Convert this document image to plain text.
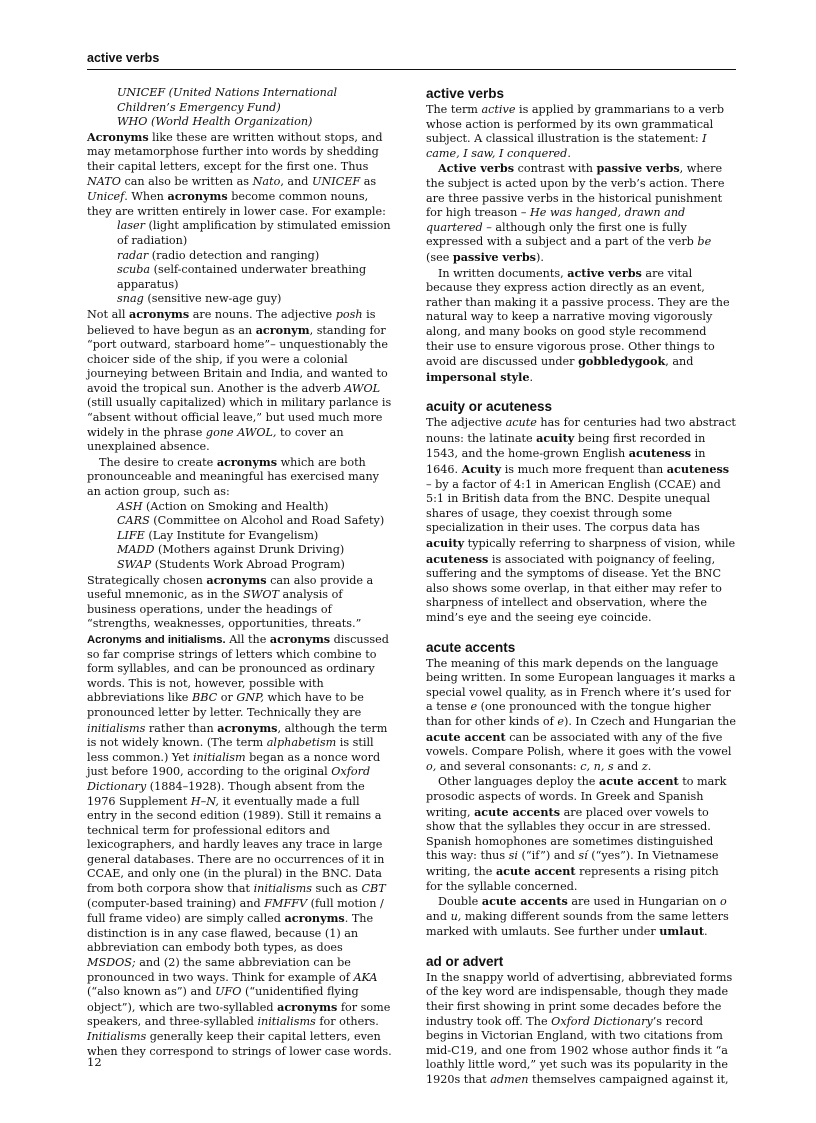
active verbs
UNICEF (United Nations International Children’s Emergency Fund)
WHO (World Health Organization)

Acronyms like these are written without stops, and may metamorphose further into words by shedding their capital letters, except for the first one. Thus NATO can also be written as Nato, and UNICEF as Unicef. When acronyms become common nouns, they are written entirely in lower case. For example:

laser (light amplification by stimulated emission of radiation)
radar (radio detection and ranging)
scuba (self-contained underwater breathing apparatus)
snag (sensitive new-age guy)

Not all acronyms are nouns. The adjective posh is believed to have begun as an acronym, standing for “port outward, starboard home”– unquestionably the choicer side of the ship, if you were a colonial journeying between Britain and India, and wanted to avoid the tropical sun. Another is the adverb AWOL (still usually capitalized) which in military parlance is “absent without official leave,” but used much more widely in the phrase gone AWOL, to cover an unexplained absence.

The desire to create acronyms which are both pronounceable and meaningful has exercised many an action group, such as:

ASH (Action on Smoking and Health)
CARS (Committee on Alcohol and Road Safety)
LIFE (Lay Institute for Evangelism)
MADD (Mothers against Drunk Driving)
SWAP (Students Work Abroad Program)

Strategically chosen acronyms can also provide a useful mnemonic, as in the SWOT analysis of business operations, under the headings of “strengths, weaknesses, opportunities, threats.”

Acronyms and initialisms. All the acronyms discussed so far comprise strings of letters which combine to form syllables, and can be pronounced as ordinary words. This is not, however, possible with abbreviations like BBC or GNP, which have to be pronounced letter by letter. Technically they are initialisms rather than acronyms, although the term is not widely known. (The term alphabetism is still less common.) Yet initialism began as a nonce word just before 1900, according to the original Oxford Dictionary (1884–1928). Though absent from the 1976 Supplement H–N, it eventually made a full entry in the second edition (1989). Still it remains a technical term for professional editors and lexicographers, and hardly leaves any trace in large general databases. There are no occurrences of it in CCAE, and only one (in the plural) in the BNC. Data from both corpora show that initialisms such as CBT (computer-based training) and FMFFV (full motion / full frame video) are simply called acronyms. The distinction is in any case flawed, because (1) an abbreviation can embody both types, as does MSDOS; and (2) the same abbreviation can be pronounced in two ways. Think for example of AKA (“also known as”) and UFO (“unidentified flying object”), which are two-syllabled acronyms for some speakers, and three-syllabled initialisms for others. Initialisms generally keep their capital letters, even when they correspond to strings of lower case words.

active verbs

The term active is applied by grammarians to a verb whose action is performed by its own grammatical subject. A classical illustration is the statement: I came, I saw, I conquered.

Active verbs contrast with passive verbs, where the subject is acted upon by the verb’s action. There are three passive verbs in the historical punishment for high treason – He was hanged, drawn and quartered – although only the first one is fully expressed with a subject and a part of the verb be (see passive verbs).

In written documents, active verbs are vital because they express action directly as an event, rather than making it a passive process. They are the natural way to keep a narrative moving vigorously along, and many books on good style recommend their use to ensure vigorous prose. Other things to avoid are discussed under gobbledygook, and impersonal style.

acuity or acuteness

The adjective acute has for centuries had two abstract nouns: the latinate acuity being first recorded in 1543, and the home-grown English acuteness in 1646. Acuity is much more frequent than acuteness – by a factor of 4:1 in American English (CCAE) and 5:1 in British data from the BNC. Despite unequal shares of usage, they coexist through some specialization in their uses. The corpus data has acuity typically referring to sharpness of vision, while acuteness is associated with poignancy of feeling, suffering and the symptoms of disease. Yet the BNC also shows some overlap, in that either may refer to sharpness of intellect and observation, where the mind’s eye and the seeing eye coincide.

acute accents

The meaning of this mark depends on the language being written. In some European languages it marks a special vowel quality, as in French where it’s used for a tense e (one pronounced with the tongue higher than for other kinds of e). In Czech and Hungarian the acute accent can be associated with any of the five vowels. Compare Polish, where it goes with the vowel o, and several consonants: c, n, s and z.

Other languages deploy the acute accent to mark prosodic aspects of words. In Greek and Spanish writing, acute accents are placed over vowels to show that the syllables they occur in are stressed. Spanish homophones are sometimes distinguished this way: thus si (“if”) and sí (“yes”). In Vietnamese writing, the acute accent represents a rising pitch for the syllable concerned.

Double acute accents are used in Hungarian on o and u, making different sounds from the same letters marked with umlauts. See further under umlaut.

ad or advert

In the snappy world of advertising, abbreviated forms of the key word are indispensable, though they made their first showing in print some decades before the industry took off. The Oxford Dictionary’s record begins in Victorian England, with two citations from mid-C19, and one from 1902 whose author finds it “a loathly little word,” yet such was its popularity in the 1920s that admen themselves campaigned against it,

12
